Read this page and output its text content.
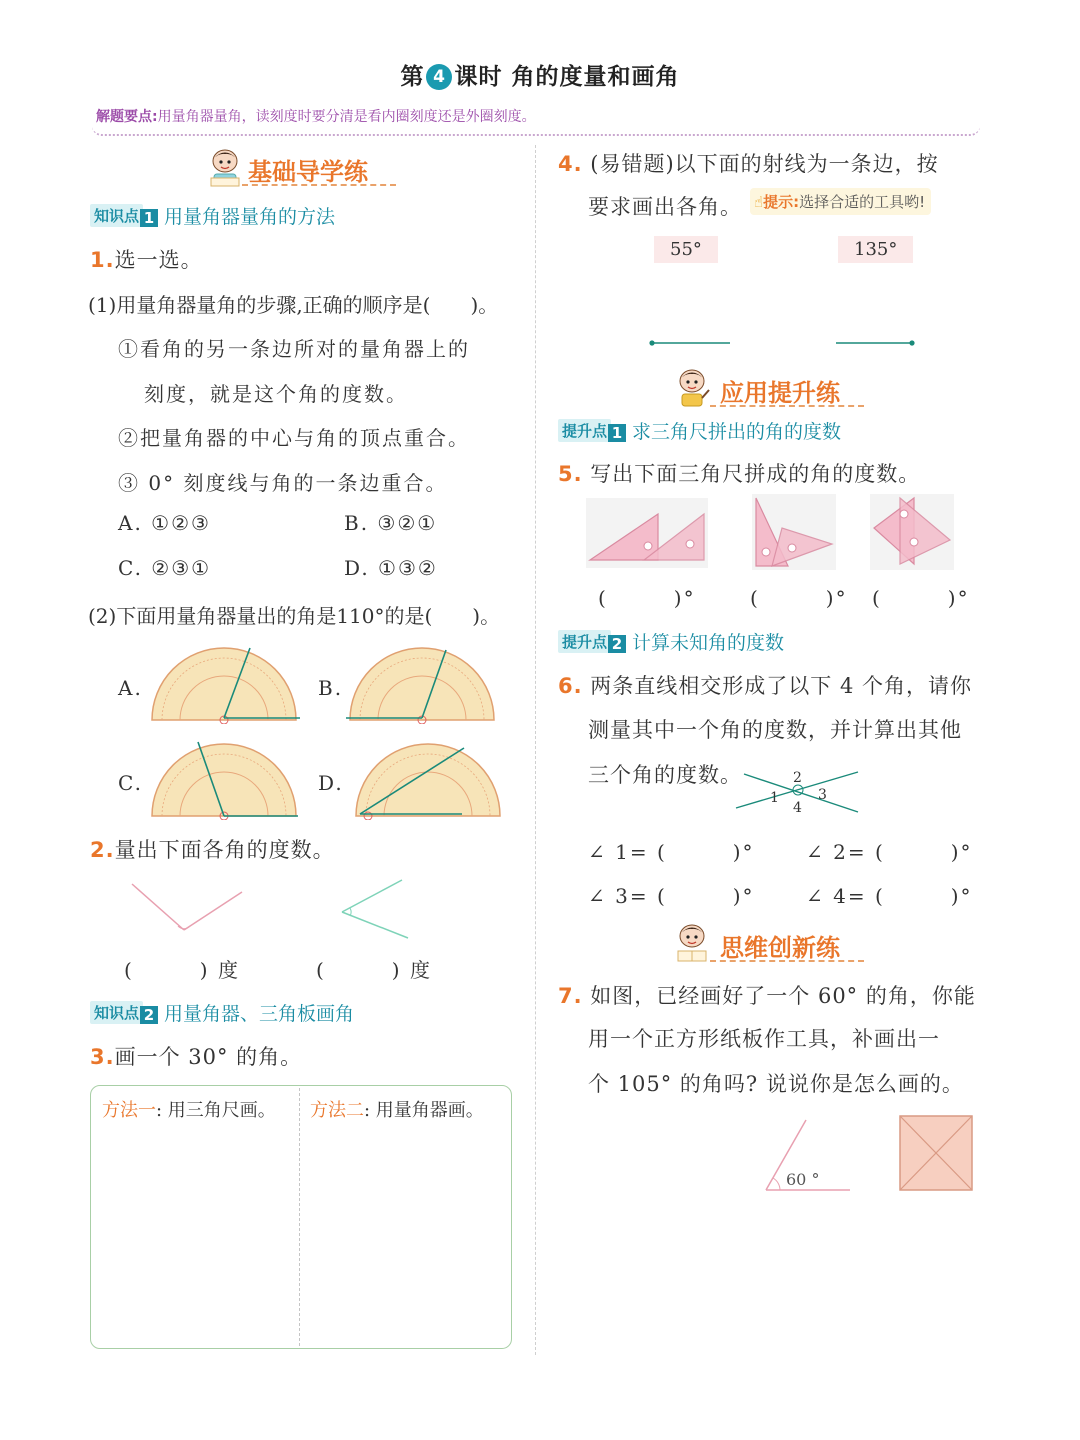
第 4 课时 角的度量和画角
解题要点:用量角器量角，读刻度时要分清是看内圈刻度还是外圈刻度。
基础导学练
知识点 1 用量角器量角的方法
1.选一选。
(1)用量角器量角的步骤,正确的顺序是(　　)。
①看角的另一条边所对的量角器上的
刻度，就是这个角的度数。
②把量角器的中心与角的顶点重合。
③ 0° 刻度线与角的一条边重合。
A. ①②③	B. ③②①
C. ②③①	D. ①③②
(2)下面用量角器量出的角是110°的是(　　)。
A.	B.
C.	D.
2.量出下面各角的度数。
(　　　) 度	(　　　) 度
知识点 2 用量角器、三角板画角
3.画一个 30° 的角。
方法一: 用三角尺画。 方法二: 用量角器画。
4. (易错题)以下面的射线为一条边，按
要求画出各角。 ☝提示:选择合适的工具哟!
55°	135°
应用提升练
提升点 1 求三角尺拼出的角的度数
5. 写出下面三角尺拼成的角的度数。
(　　　)°	(　　　)° (　　　)°
提升点 2 计算未知角的度数
6. 两条直线相交形成了以下 4 个角，请你
测量其中一个角的度数，并计算出其他
三个角的度数。
1
2
3
4
∠ 1= (　　　)°	∠ 2= (　　　)°
∠ 3= (　　　)°	∠ 4= (　　　)°
思维创新练
7. 如图，已经画好了一个 60° 的角，你能
用一个正方形纸板作工具，补画出一
个 105° 的角吗? 说说你是怎么画的。
60 °
